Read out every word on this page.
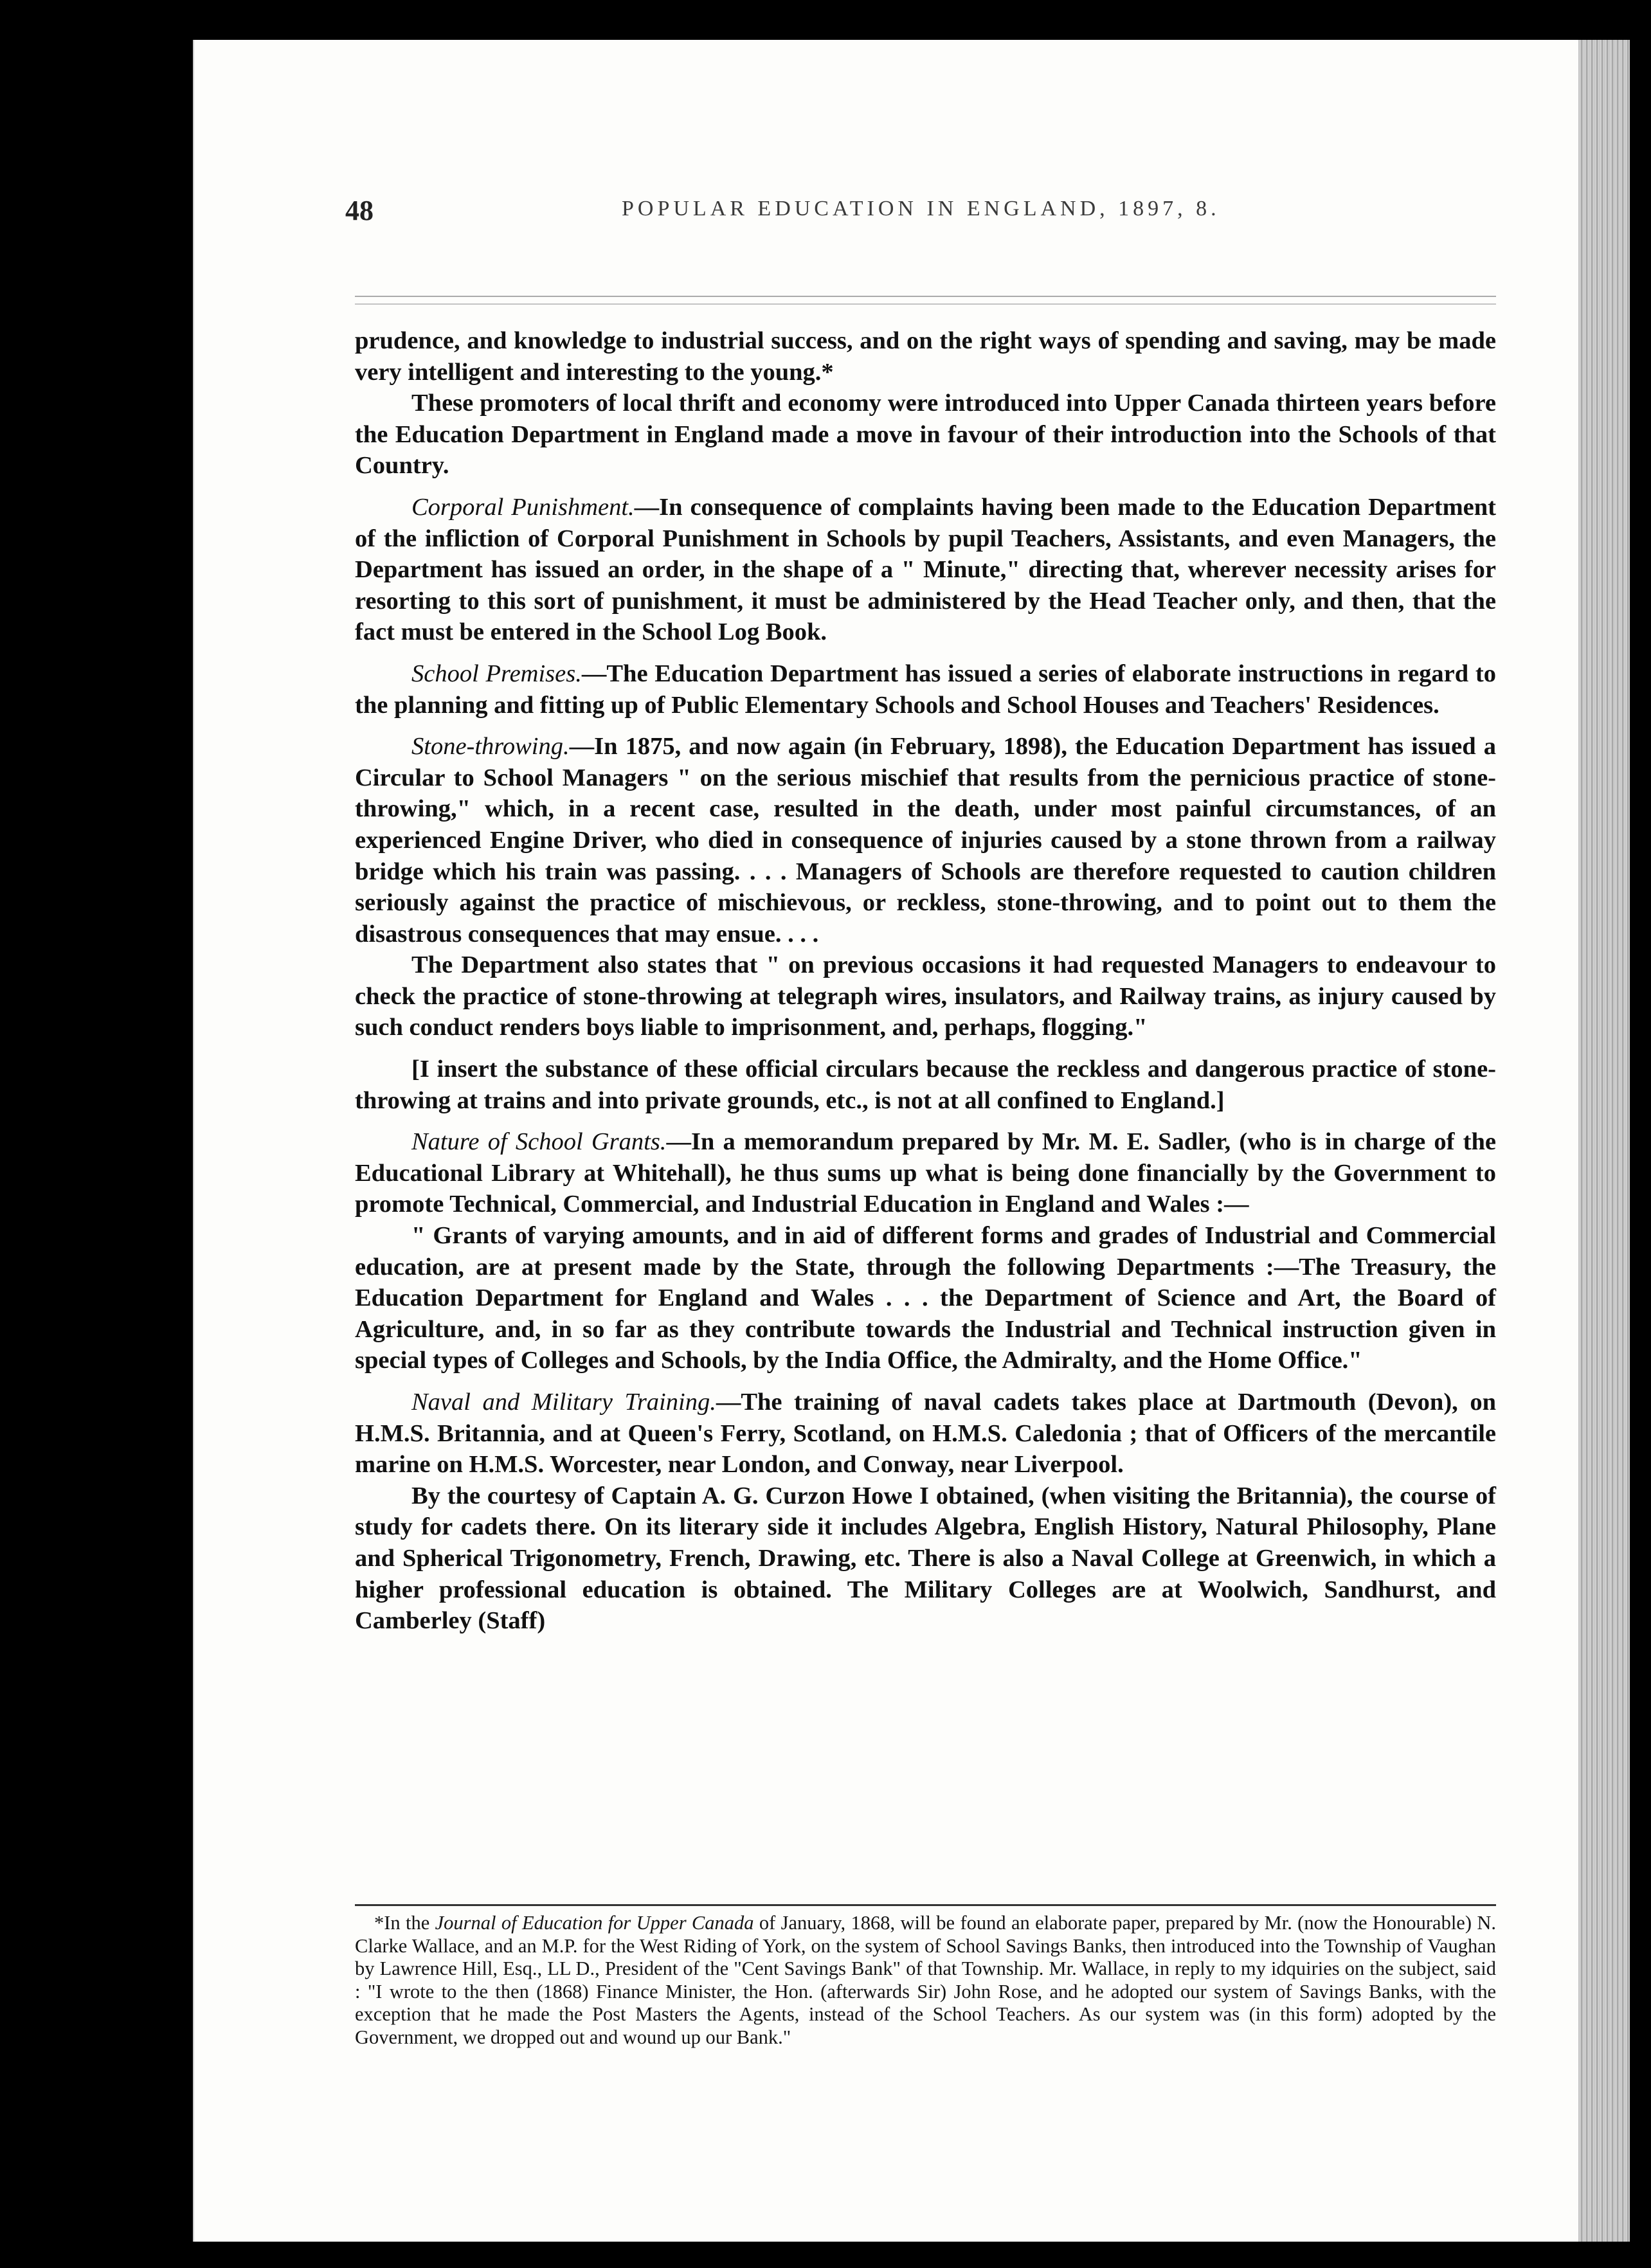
48	POPULAR EDUCATION IN ENGLAND, 1897, 8.

prudence, and knowledge to industrial success, and on the right ways of spending and saving, may be made very intelligent and interesting to the young.*

These promoters of local thrift and economy were introduced into Upper Canada thirteen years before the Education Department in England made a move in favour of their introduction into the Schools of that Country.

Corporal Punishment.—In consequence of complaints having been made to the Education Department of the infliction of Corporal Punishment in Schools by pupil Teachers, Assistants, and even Managers, the Department has issued an order, in the shape of a " Minute," directing that, wherever necessity arises for resorting to this sort of punishment, it must be administered by the Head Teacher only, and then, that the fact must be entered in the School Log Book.

School Premises.—The Education Department has issued a series of elaborate instructions in regard to the planning and fitting up of Public Elementary Schools and School Houses and Teachers' Residences.

Stone-throwing.—In 1875, and now again (in February, 1898), the Education Department has issued a Circular to School Managers " on the serious mischief that results from the pernicious practice of stone-throwing," which, in a recent case, resulted in the death, under most painful circumstances, of an experienced Engine Driver, who died in consequence of injuries caused by a stone thrown from a railway bridge which his train was passing. . . . Managers of Schools are therefore requested to caution children seriously against the practice of mischievous, or reckless, stone-throwing, and to point out to them the disastrous consequences that may ensue. . . .

The Department also states that " on previous occasions it had requested Managers to endeavour to check the practice of stone-throwing at telegraph wires, insulators, and Railway trains, as injury caused by such conduct renders boys liable to imprisonment, and, perhaps, flogging."

[I insert the substance of these official circulars because the reckless and dangerous practice of stone-throwing at trains and into private grounds, etc., is not at all confined to England.]

Nature of School Grants.—In a memorandum prepared by Mr. M. E. Sadler, (who is in charge of the Educational Library at Whitehall), he thus sums up what is being done financially by the Government to promote Technical, Commercial, and Industrial Education in England and Wales :—

" Grants of varying amounts, and in aid of different forms and grades of Industrial and Commercial education, are at present made by the State, through the following Departments :—The Treasury, the Education Department for England and Wales . . . the Department of Science and Art, the Board of Agriculture, and, in so far as they contribute towards the Industrial and Technical instruction given in special types of Colleges and Schools, by the India Office, the Admiralty, and the Home Office."

Naval and Military Training.—The training of naval cadets takes place at Dartmouth (Devon), on H.M.S. Britannia, and at Queen's Ferry, Scotland, on H.M.S. Caledonia ; that of Officers of the mercantile marine on H.M.S. Worcester, near London, and Conway, near Liverpool.

By the courtesy of Captain A. G. Curzon Howe I obtained, (when visiting the Britannia), the course of study for cadets there. On its literary side it includes Algebra, English History, Natural Philosophy, Plane and Spherical Trigonometry, French, Drawing, etc. There is also a Naval College at Greenwich, in which a higher professional education is obtained. The Military Colleges are at Woolwich, Sandhurst, and Camberley (Staff)

*In the Journal of Education for Upper Canada of January, 1868, will be found an elaborate paper, prepared by Mr. (now the Honourable) N. Clarke Wallace, and an M.P. for the West Riding of York, on the system of School Savings Banks, then introduced into the Township of Vaughan by Lawrence Hill, Esq., LL D., President of the "Cent Savings Bank" of that Township. Mr. Wallace, in reply to my idquiries on the subject, said : "I wrote to the then (1868) Finance Minister, the Hon. (afterwards Sir) John Rose, and he adopted our system of Savings Banks, with the exception that he made the Post Masters the Agents, instead of the School Teachers. As our system was (in this form) adopted by the Government, we dropped out and wound up our Bank."
